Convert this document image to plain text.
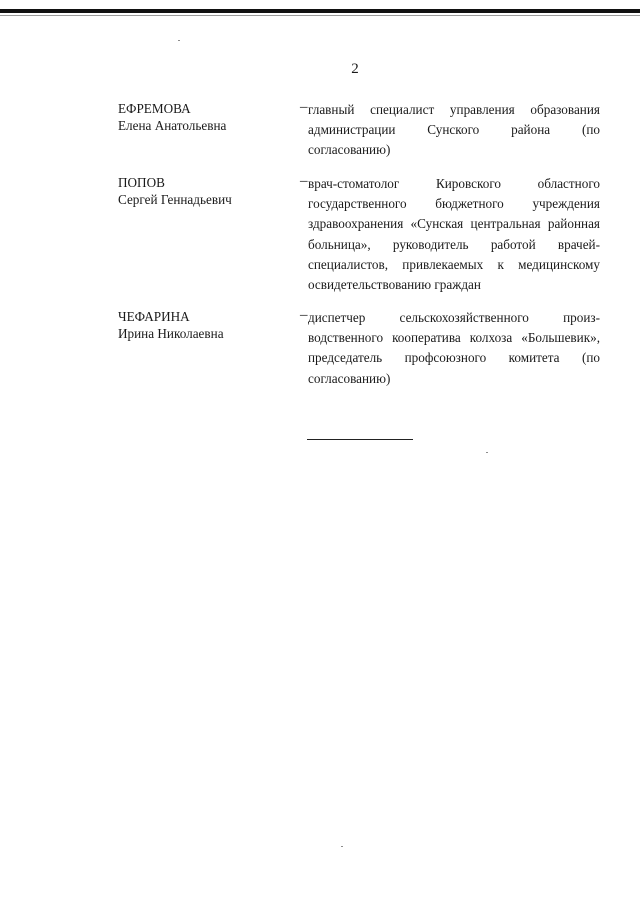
2
ЕФРЕМОВА
Елена Анатольевна
– главный специалист управления образования администрации Сунского района (по согласованию)
ПОПОВ
Сергей Геннадьевич
– врач-стоматолог Кировского областного государственного бюджетного учреждения здравоохранения «Сунская центральная районная больница», руководитель работой врачей-специалистов, привлекаемых к медицинскому освидетельствованию граждан
ЧЕФАРИНА
Ирина Николаевна
– диспетчер сельскохозяйственного производственного кооператива колхоза «Большевик», председатель профсоюзного комитета (по согласованию)
